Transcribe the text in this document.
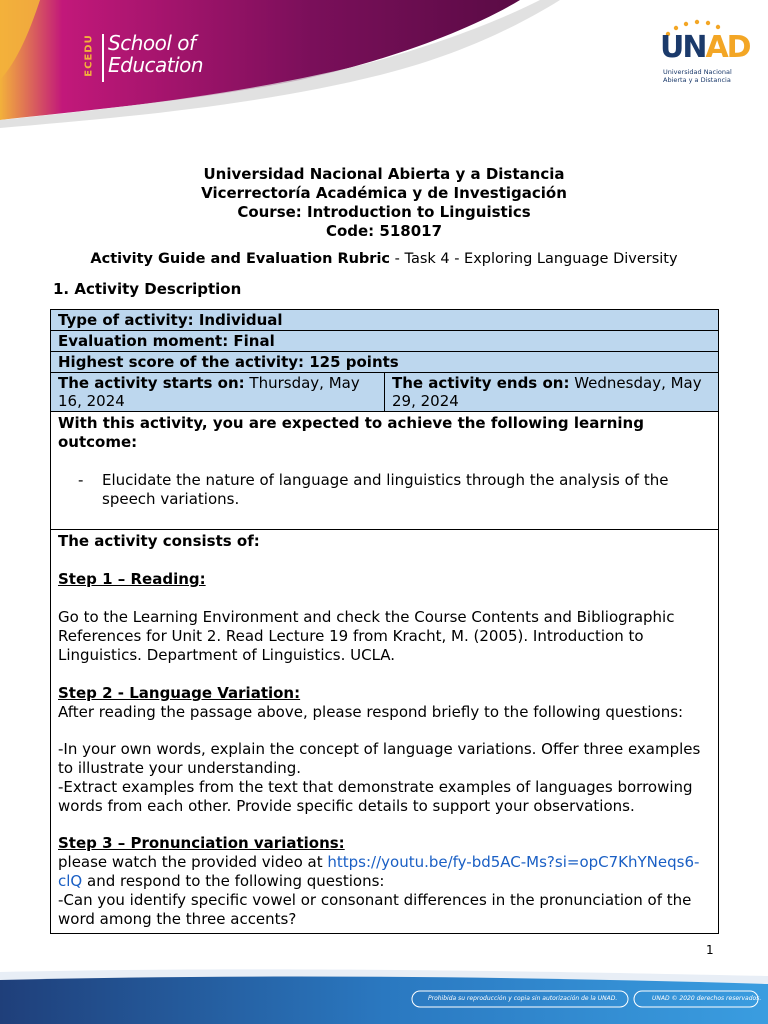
ECEDU School of
Education	UNAD
Universidad Nacional
Abierta y a Distancia
Universidad Nacional Abierta y a Distancia
Vicerrectoría Académica y de Investigación
Course: Introduction to Linguistics
Code: 518017
Activity Guide and Evaluation Rubric - Task 4 - Exploring Language Diversity
1. Activity Description
Type of activity: Individual
Evaluation moment: Final
Highest score of the activity: 125 points
The activity starts on: Thursday, May 16, 2024
The activity ends on: Wednesday, May 29, 2024
With this activity, you are expected to achieve the following learning outcome:
-	Elucidate the nature of language and linguistics through the analysis of the speech variations.
The activity consists of:
Step 1 – Reading:
Go to the Learning Environment and check the Course Contents and Bibliographic References for Unit 2. Read Lecture 19 from Kracht, M. (2005). Introduction to Linguistics. Department of Linguistics. UCLA.
Step 2 - Language Variation:
After reading the passage above, please respond briefly to the following questions:
-In your own words, explain the concept of language variations. Offer three examples to illustrate your understanding.
-Extract examples from the text that demonstrate examples of languages borrowing words from each other. Provide specific details to support your observations.
Step 3 – Pronunciation variations:
please watch the provided video at https://youtu.be/fy-bd5AC-Ms?si=opC7KhYNeqs6-clQ and respond to the following questions:
-Can you identify specific vowel or consonant differences in the pronunciation of the word among the three accents?
1
Prohibida su reproducción y copia sin autorización de la UNAD.	UNAD © 2020 derechos reservados.
